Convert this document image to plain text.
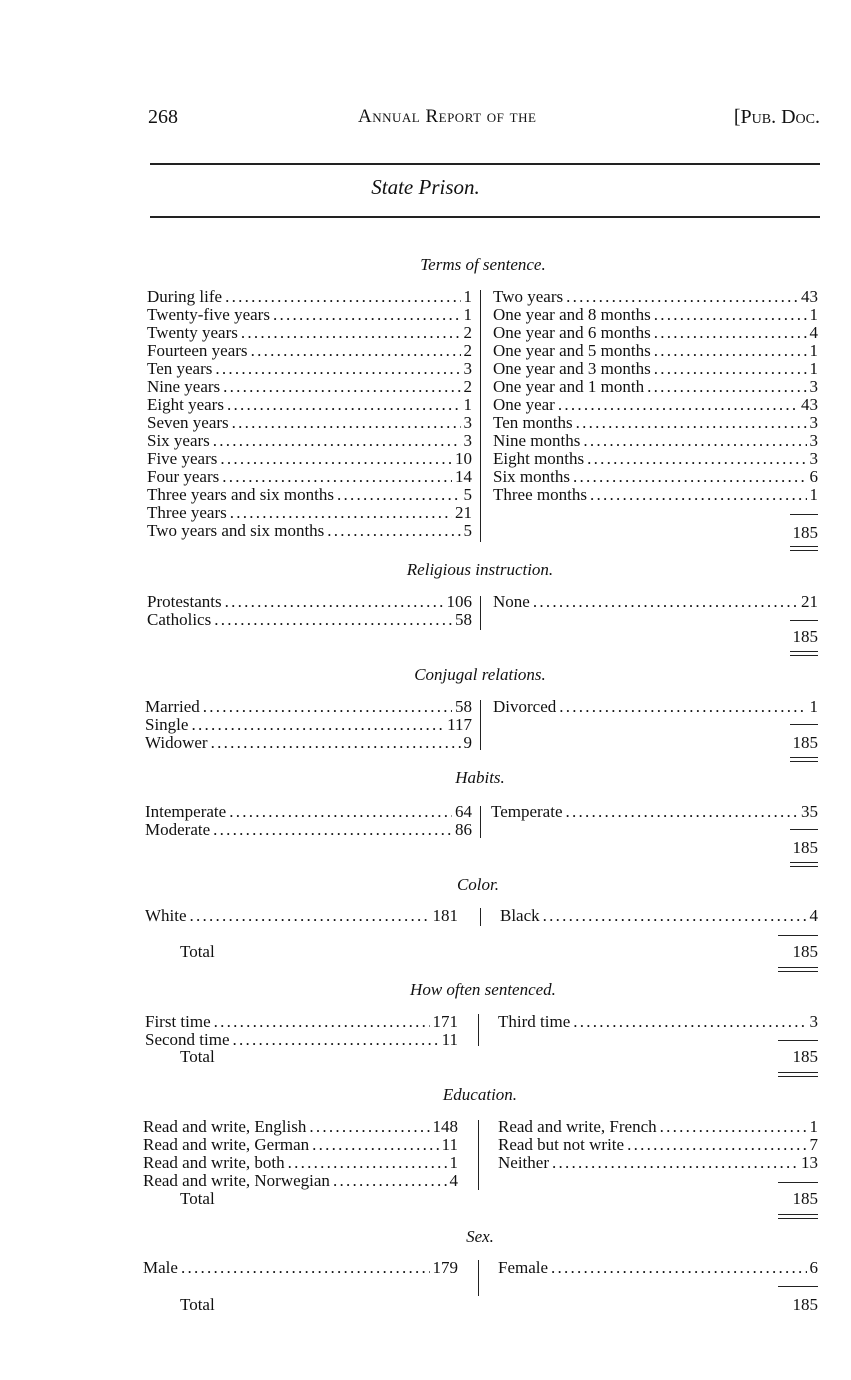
268	Annual Report of the	[Pub. Doc.
State Prison.
Terms of sentence.
During life . . .	1
Twenty-five years . . .	1
Twenty years . . .	2
Fourteen years . . .	2
Ten years . . .	3
Nine years . . .	2
Eight years . . .	1
Seven years . . .	3
Six years . . .	3
Five years . . .	10
Four years . . .	14
Three years and six months . . .	5
Three years . . .	21
Two years and six months . . .	5
Two years . . .	43
One year and 8 months . . .	1
One year and 6 months . . .	4
One year and 5 months . . .	1
One year and 3 months . . .	1
One year and 1 month . . .	3
One year . . .	43
Ten months . . .	3
Nine months . . .	3
Eight months . . .	3
Six months . . .	6
Three months . . .	1
185
Religious instruction.
Protestants . . .	106
Catholics . . .	58
None . . .	21
185
Conjugal relations.
Married . . .	58
Single . . .	117
Widower . . .	9
Divorced . . .	1
185
Habits.
Intemperate . . .	64
Moderate . . .	86
Temperate . . .	35
185
Color.
White . . .	181 Black . . .	4
Total	185
How often sentenced.
First time . . .	171
Second time . . .	11
Third time . . .	3
Total	185
Education.
Read and write, English . . .	148
Read and write, German . . .	11
Read and write, both . . .	1
Read and write, Norwegian . . .	4
Read and write, French . . .	1
Read but not write . . .	7
Neither . . .	13
Total	185
Sex.
Male . . .	179 Female . . .	6
Total	185
